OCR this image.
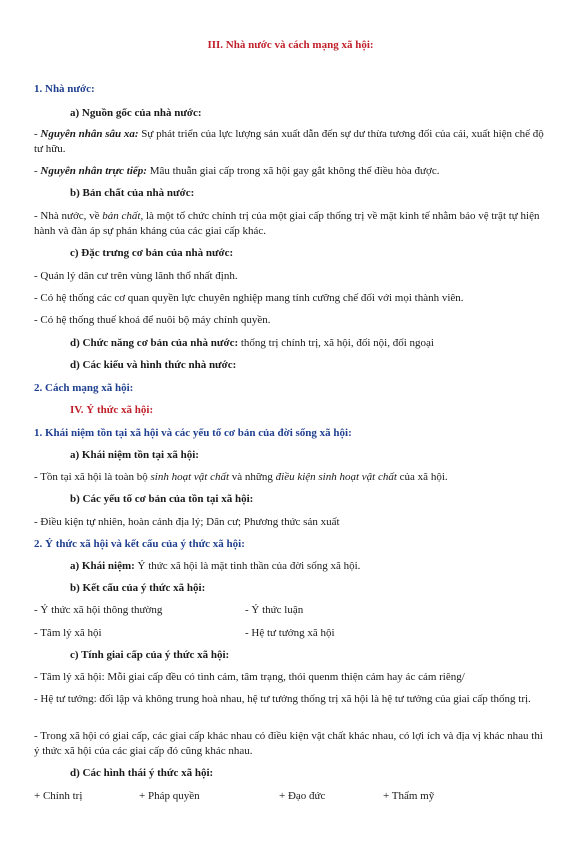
III. Nhà nước và cách mạng xã hội:
1. Nhà nước:
a) Nguồn gốc của nhà nước:
- Nguyên nhân sâu xa: Sự phát triển của lực lượng sản xuất dẫn đến sự dư thừa tương đối của cải, xuất hiện chế độ tư hữu.
- Nguyên nhân trực tiếp: Mâu thuẫn giai cấp trong xã hội gay gắt không thể điều hòa được.
b) Bản chất của nhà nước:
- Nhà nước, về bản chất, là một tổ chức chính trị của một giai cấp thống trị về mặt kinh tế nhằm bảo vệ trật tự hiện hành và đàn áp sự phản kháng của các giai cấp khác.
c) Đặc trưng cơ bản của nhà nước:
- Quản lý dân cư trên vùng lãnh thổ nhất định.
- Có hệ thống các cơ quan quyền lực chuyên nghiệp mang tính cưỡng chế đối với mọi thành viên.
- Có hệ thống thuế khoá để nuôi bộ máy chính quyền.
d) Chức năng cơ bản của nhà nước: thống trị chính trị, xã hội, đối nội, đối ngoại
d) Các kiểu và hình thức nhà nước:
2. Cách mạng xã hội:
IV. Ý thức xã hội:
1. Khái niệm tồn tại xã hội và các yếu tố cơ bản của đời sống xã hội:
a) Khái niệm tồn tại xã hội:
- Tồn tại xã hội là toàn bộ sinh hoạt vật chất và những điều kiện sinh hoạt vật chất của xã hội.
b) Các yếu tố cơ bản của tồn tại xã hội:
- Điều kiện tự nhiên, hoàn cảnh địa lý; Dân cư; Phương thức sản xuất
2. Ý thức xã hội và kết cấu của ý thức xã hội:
a) Khái niệm: Ý thức xã hội là mặt tinh thần của đời sống xã hội.
b) Kết cấu của ý thức xã hội:
- Ý thức xã hội thông thường	- Ý thức luận
- Tâm lý xã hội	- Hệ tư tưởng xã hội
c) Tính giai cấp của ý thức xã hội:
- Tâm lý xã hội: Mỗi giai cấp đều có tình cảm, tâm trạng, thói quenm thiện cảm hay ác cảm riêng/
- Hệ tư tưởng: đối lập và không trung hoà nhau, hệ tư tưởng thống trị xã hội là hệ tư tưởng của giai cấp thống trị.
- Trong xã hội có giai cấp, các giai cấp khác nhau có điều kiện vật chất khác nhau, có lợi ích và địa vị khác nhau thì ý thức xã hội của các giai cấp đó cũng khác nhau.
d) Các hình thái ý thức xã hội:
+ Chính trị	+ Pháp quyền	+ Đạo đức	+ Thẩm mỹ
